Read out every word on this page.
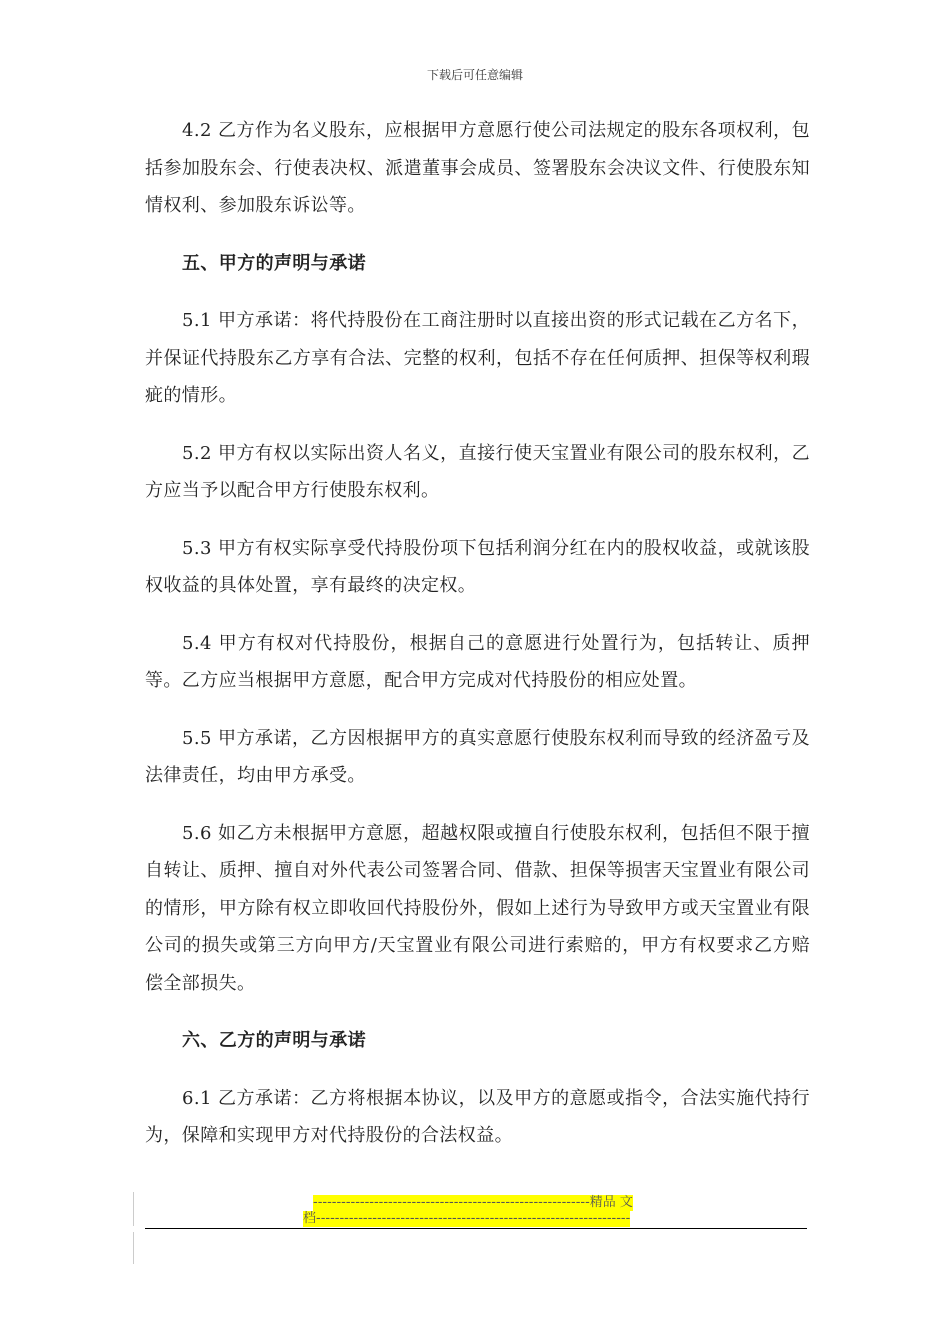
下载后可任意编辑

4.2 乙方作为名义股东，应根据甲方意愿行使公司法规定的股东各项权利，包括参加股东会、行使表决权、派遣董事会成员、签署股东会决议文件、行使股东知情权利、参加股东诉讼等。

五、甲方的声明与承诺

5.1 甲方承诺：将代持股份在工商注册时以直接出资的形式记载在乙方名下，并保证代持股东乙方享有合法、完整的权利，包括不存在任何质押、担保等权利瑕疵的情形。

5.2 甲方有权以实际出资人名义，直接行使天宝置业有限公司的股东权利，乙方应当予以配合甲方行使股东权利。

5.3 甲方有权实际享受代持股份项下包括利润分红在内的股权收益，或就该股权收益的具体处置，享有最终的决定权。

5.4 甲方有权对代持股份，根据自己的意愿进行处置行为，包括转让、质押等。乙方应当根据甲方意愿，配合甲方完成对代持股份的相应处置。

5.5 甲方承诺，乙方因根据甲方的真实意愿行使股东权利而导致的经济盈亏及法律责任，均由甲方承受。

5.6 如乙方未根据甲方意愿，超越权限或擅自行使股东权利，包括但不限于擅自转让、质押、擅自对外代表公司签署合同、借款、担保等损害天宝置业有限公司的情形，甲方除有权立即收回代持股份外，假如上述行为导致甲方或天宝置业有限公司的损失或第三方向甲方/天宝置业有限公司进行索赔的，甲方有权要求乙方赔偿全部损失。

六、乙方的声明与承诺

6.1 乙方承诺：乙方将根据本协议，以及甲方的意愿或指令，合法实施代持行为，保障和实现甲方对代持股份的合法权益。

-----------------------------------------------------------精品 文
档-------------------------------------------------------------------
